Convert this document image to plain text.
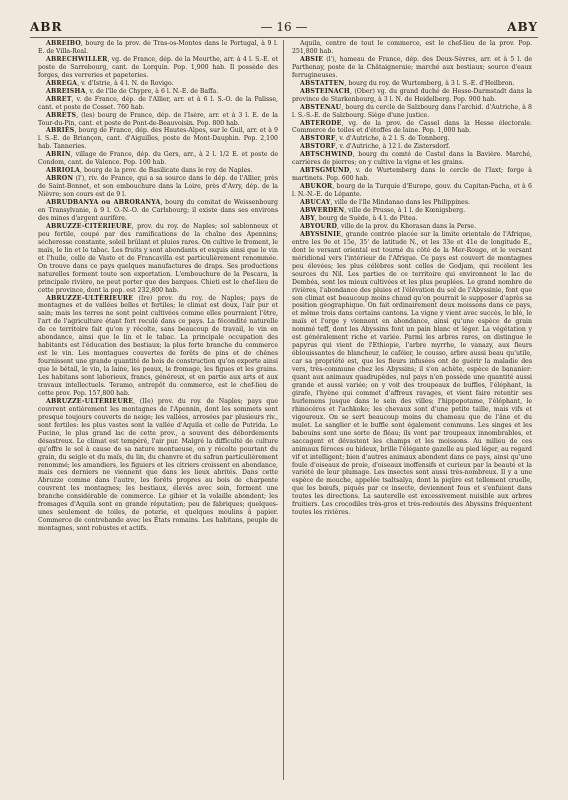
ABR	— 16 —	ABY

ABREIBO, bourg de la prov. de Tras-os-Montes dans le Portugal, à 9 l. E. de Villa-Real.

ABRECHWILLER, vg. de France, dép. de la Meurthe, arr. à 4 l. S.-E. et poste de Sarrebourg, cant. de Lorquin. Pop. 1,900 hab. Il possède des forges, des verreries et papeteries.

ABREGA, v. d'Istrie, à 4 l. N. de Rovigo.

ABREISHA, v. de l'île de Chypre, à 6 l. N.-E. de Baffa.

ABRET, v. de France, dép. de l'Allier, arr. et à 6 l. S.-O. de la Palisse, cant. et poste de Cosset. 760 hab.

ABRETS, (les) bourg de France, dép. de l'Isère, arr. et à 3 l. E. de la Tour-du-Pin, cant. et poste de Pont-de-Beauvoisin. Pop. 800 hab.

ABRIÈS, bourg de France, dép. des Hautes-Alpes, sur le Guil, arr. et à 9 l. S.-E. de Briançon, cant. d'Aiguilles, poste de Mont-Dauphin. Pop. 2,100 hab. Tanneries.

ABRIN, village de France, dép. du Gers, arr., à 2 l. 1/2 E. et poste de Condom, cant. de Valence. Pop. 100 hab.

ABRIOLA, bourg de la prov. de Basilicate dans le roy. de Naples.

ABRON (l'), riv. de France, qui a sa source dans le dép. de l'Allier, près de Saint-Bonnet, et son embouchure dans la Loire, près d'Avry, dép. de la Nièvre; son cours est de 9 l.

ABRUDBANYA ou ABRORANYA, bourg du comitat de Weissenbourg en Transylvanie, à 9 l. O.-N.-O. de Carlsbourg; il existe dans ses environs des mines d'argent aurifère.

ABRUZZE-CITÉRIEURE, prov. du roy. de Naples; sol sablonneux et peu fertile, coupé par des ramifications de la chaîne des Apennins; sécheresse constante, soleil brûlant et pluies rares. On cultive le froment, le maïs, le lin et le tabac. Les fruits y sont abondants et exquis ainsi que le vin et l'huile, celle de Vasto et de Francavilla est particulièrement renommée. On trouve dans ce pays quelques manufactures de draps. Ses productions naturelles forment toute son exportation. L'embouchure de la Pescara, la principale rivière, ne peut porter que des barques. Chieti est le chef-lieu de cette province, dont la pop. est 232,800 hab.

ABRUZZE-ULTÉRIEURE (Ire) prov. du roy. de Naples; pays de montagnes et de vallées belles et fertiles; le climat est doux, l'air pur et sain; mais les terres ne sont point cultivées comme elles pourraient l'être, l'art de l'agriculture étant fort reculé dans ce pays. La fécondité naturelle de ce territoire fait qu'on y récolte, sans beaucoup de travail, le vin en abondance, ainsi que le lin et le tabac. La principale occupation des habitants est l'éducation des bestiaux; la plus forte branche du commerce est le vin. Les montagues couvertes de forêts de pins et de chênes fournissent une grande quantité de bois de construction qu'on exporte ainsi que le bétail, le vin, la laine, les peaux, le fromage, les figues et les grains. Les habitans sont laborieux, francs, généreux, et en partie aux arts et aux travaux intellectuels. Teramo, entrepôt du commerce, est le chef-lieu de cette prov. Pop. 157,800 hab.

ABRUZZE-ULTÉRIEURE, (IIe) prov. du roy. de Naples; pays que couvrent entièrement les montagnes de l'Apennin, dont les sommets sont presque toujours couverts de neige; les vallées, arrosées par plusieurs riv., sont fertiles: les plus vastes sont la vallée d'Aquila et celle de Putrida. Le Fucino, le plus grand lac de cette prov., a souvent des débordements désastreux. Le climat est tempéré, l'air pur. Malgré la difficulté de culture qu'offre le sol à cause de sa nature montueuse, on y récolte pourtant du grain, du seigle et du maïs, du lin, du chanvre et du safran particulièrement renommé; les amandiers, les figuiers et les citriers croissent en abondance, mais ces derniers ne viennent que dans les lieux abrités. Dans cette Abruzze comme dans l'autre, les forêts propres au bois de charpente couvrent les montagnes; les bestiaux, élevés avec soin, forment une branche considérable de commerce. Le gibier et la volaille abondent; les fromages d'Aquila sont en grande réputation; peu de fabriques; quelques-unes seulement de toiles, de poterie, et quelques moulins à papier. Commerce de contrebande avec les États romains. Les habitans, peuple de montagnes, sont robustes et actifs.

Aquila, centre de tout le commerce, est le chef-lieu de la prov. Pop. 251,800 hab.

ABSIE (l'), hameau de France, dép. des Deux-Sèvres, arr. et à 5 l. de Parthenay, poste de la Châtaigneraie; marché aux bestiaux; source d'eaux ferrugineuses.

ABSTATTEN, bourg du roy. de Wurtemberg, à 3 l. S.-E. d'Heilbron.

ABSTEINACH, (Ober) vg. du grand duché de Hesse-Darmstadt dans la province de Starkenbourg, à 3 l. N. de Heidelberg. Pop. 900 hab.

ABSTENAU, bourg du cercle de Salzbourg dans l'archid. d'Autriche, à 8 l. S.-S.-E. de Salzbourg. Siège d'une justice.

ABTERODE, vg. de la prov. de Cassel dans la Hesse électorale. Commerce de toiles et d'étoffes de laine. Pop. 1,000 hab.

ABSTORF, v. d'Autriche, à 2 l. S. de Tonnberg.

ABSTORF, v. d'Autriche, à 12 l. de Zistersdorf.

ABTSCHWIND, bourg du comté de Castel dans la Bavière. Marché, carrières de pierres; on y cultive la vigne et les grains.

ABTSGMUND, v. de Wurtemberg dans le cercle de l'Iaxt; forge à martinets. Pop. 600 hab.

ABUKOR, bourg de la Turquie d'Europe, gouv. du Capitan-Pacha, et à 6 l. N.-N.-E. de Lépante.

ABUCAY, ville de l'île Mindanao dans les Philippines.

ABWERDEN, ville de Prusse, à 1 l. de Kœnigsberg.

ABY, bourg de Suède, à 4 l. de Pitea.

ABYOURD, ville de la prov. du Khorasan dans la Perse.

ABYSSINIE, grande contrée placée sur la limite orientale de l'Afrique, entre les 9e et 15e, 35' de latitude N., et les 33e et 41e de longitude E., dont le versant oriental est tourné du côté de la Mer-Rouge, et le versant méridional vers l'intérieur de l'Afrique. Ce pays est couvert de montagnes peu élevées; les plus célèbres sont celles de Godjam, qui recèlent les sources du Nil. Les parties de ce territoire qui environnent le lac de Dembéa, sont les mieux cultivées et les plus peuplées. Le grand nombre de rivières, l'abondance des pluies et l'élévation du sol de l'Abyssinie, font que son climat est beaucoup moins chaud qu'on pourrait le supposer d'après sa position géographique. On fait ordinairement deux moissons dans ce pays, et même trois dans certains cantons. La vigne y vient avec succès, le blé, le maïs et l'orge y viennent en abondance, ainsi qu'une espèce de grain nommé teff, dont les Abyssins font un pain blanc et léger. La végétation y est généralement riche et variée. Parmi les arbres rares, on distingue le papyrus qui vient de l'Ethiopie, l'arbre myrrhe, le vanazy, aux fleurs éblouissantes de blancheur, le caféier, le cousso, arbre aussi beau qu'utile, car sa propriété est, que les fleurs infusées ont de guérir la maladie des vers, très-commune chez les Abyssins; il s'en achète, espèce de bananier: quant aux animaux quadrupèdes, nul pays n'en possède une quantité aussi grande et aussi variée; on y voit des troupeaux de buffles, l'éléphant, la girafe, l'hyène qui commet d'affreux ravages, et vient faire retentir ses hurlemens jusque dans le sein des villes; l'hippopotame, l'éléphant, le rhinocéros et l'achkoko; les chevaux sont d'une petite taille, mais vifs et vigoureux. On se sert beaucoup moins du chameau que de l'âne et du mulet. Le sanglier et le buffle sont également communs. Les singes et les babouins sont une sorte de fléau; ils vont par troupeaux innombrables, et saccagent et dévastent les champs et les moissons. Au milieu de ces animaux féroces ou hideux, brille l'élégante gazelle au pied léger, au regard vif et intelligent; bien d'autres animaux abondent dans ce pays, ainsi qu'une foule d'oiseaux de proie, d'oiseaux inoffensifs et curieux par la beauté et la variété de leur plumage. Les insectes sont aussi très-nombreux. Il y a une espèce de mouche, appelée tsaltsalya, dont la piqûre est tellement cruelle, que les bœufs, piqués par ce insecte, deviennent fous et s'enfuient dans toutes les directions. La sauterelle est excessivement nuisible aux arbres fruitiers. Les crocodiles très-gros et très-redoutés des Abyssins fréquentent toutes les rivières.
